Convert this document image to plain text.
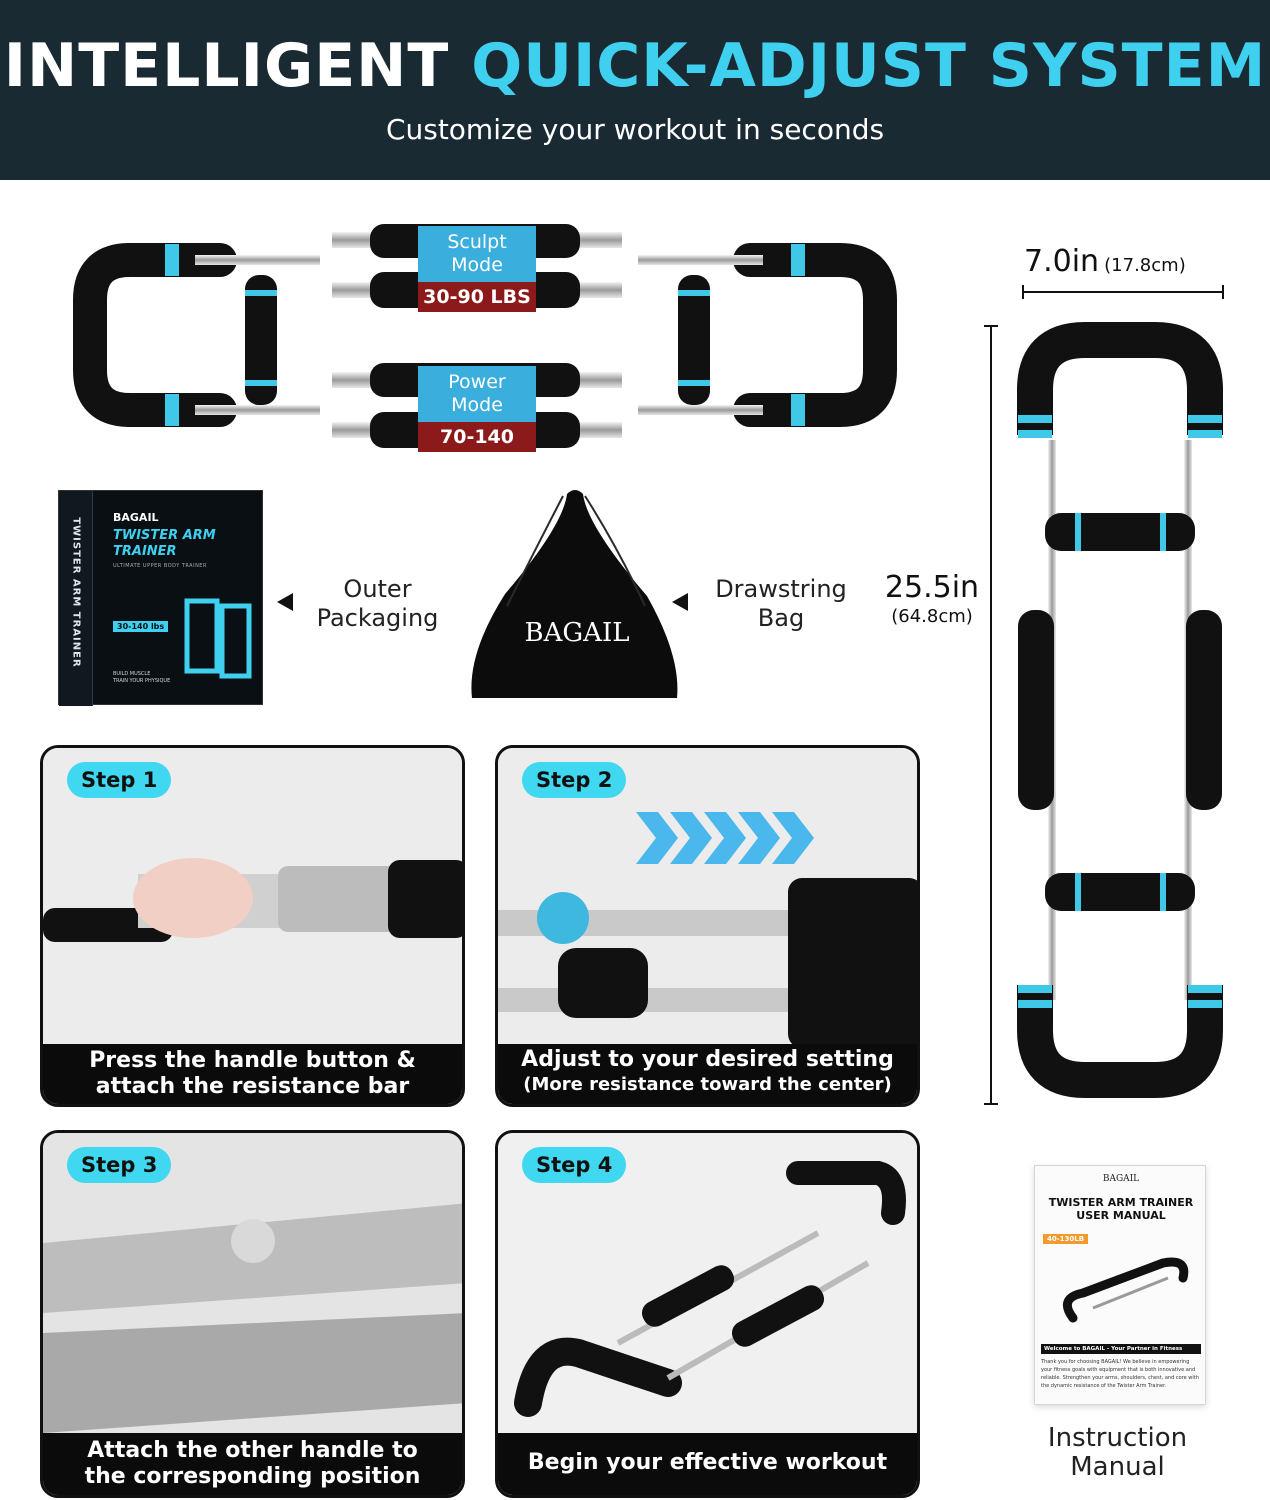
INTELLIGENT QUICK-ADJUST SYSTEM
Customize your workout in seconds
Sculpt
Mode
30-90 LBS
Power
Mode
70-140 LBS
TWISTER ARM TRAINER	BAGAIL
TWISTER ARM
TRAINER
ULTIMATE UPPER BODY TRAINER
30-140 lbs
BUILD MUSCLE
TRAIN YOUR PHYSIQUE
Outer
Packaging	BAGAIL
Drawstring
Bag
7.0in (17.8cm)
25.5in
(64.8cm)
Step 1
Press the handle button &
attach the resistance bar
Step 2
Adjust to your desired setting
(More resistance toward the center)
Step 3
Attach the other handle to
the corresponding position
Step 4
Begin your effective workout
BAGAIL
TWISTER ARM TRAINER
USER MANUAL
40-130LB
Welcome to BAGAIL - Your Partner in Fitness
Thank you for choosing BAGAIL! We believe in empowering your fitness goals with equipment that is both innovative and reliable. Strengthen your arms, shoulders, chest, and core with the dynamic resistance of the Twister Arm Trainer.
Instruction
Manual
